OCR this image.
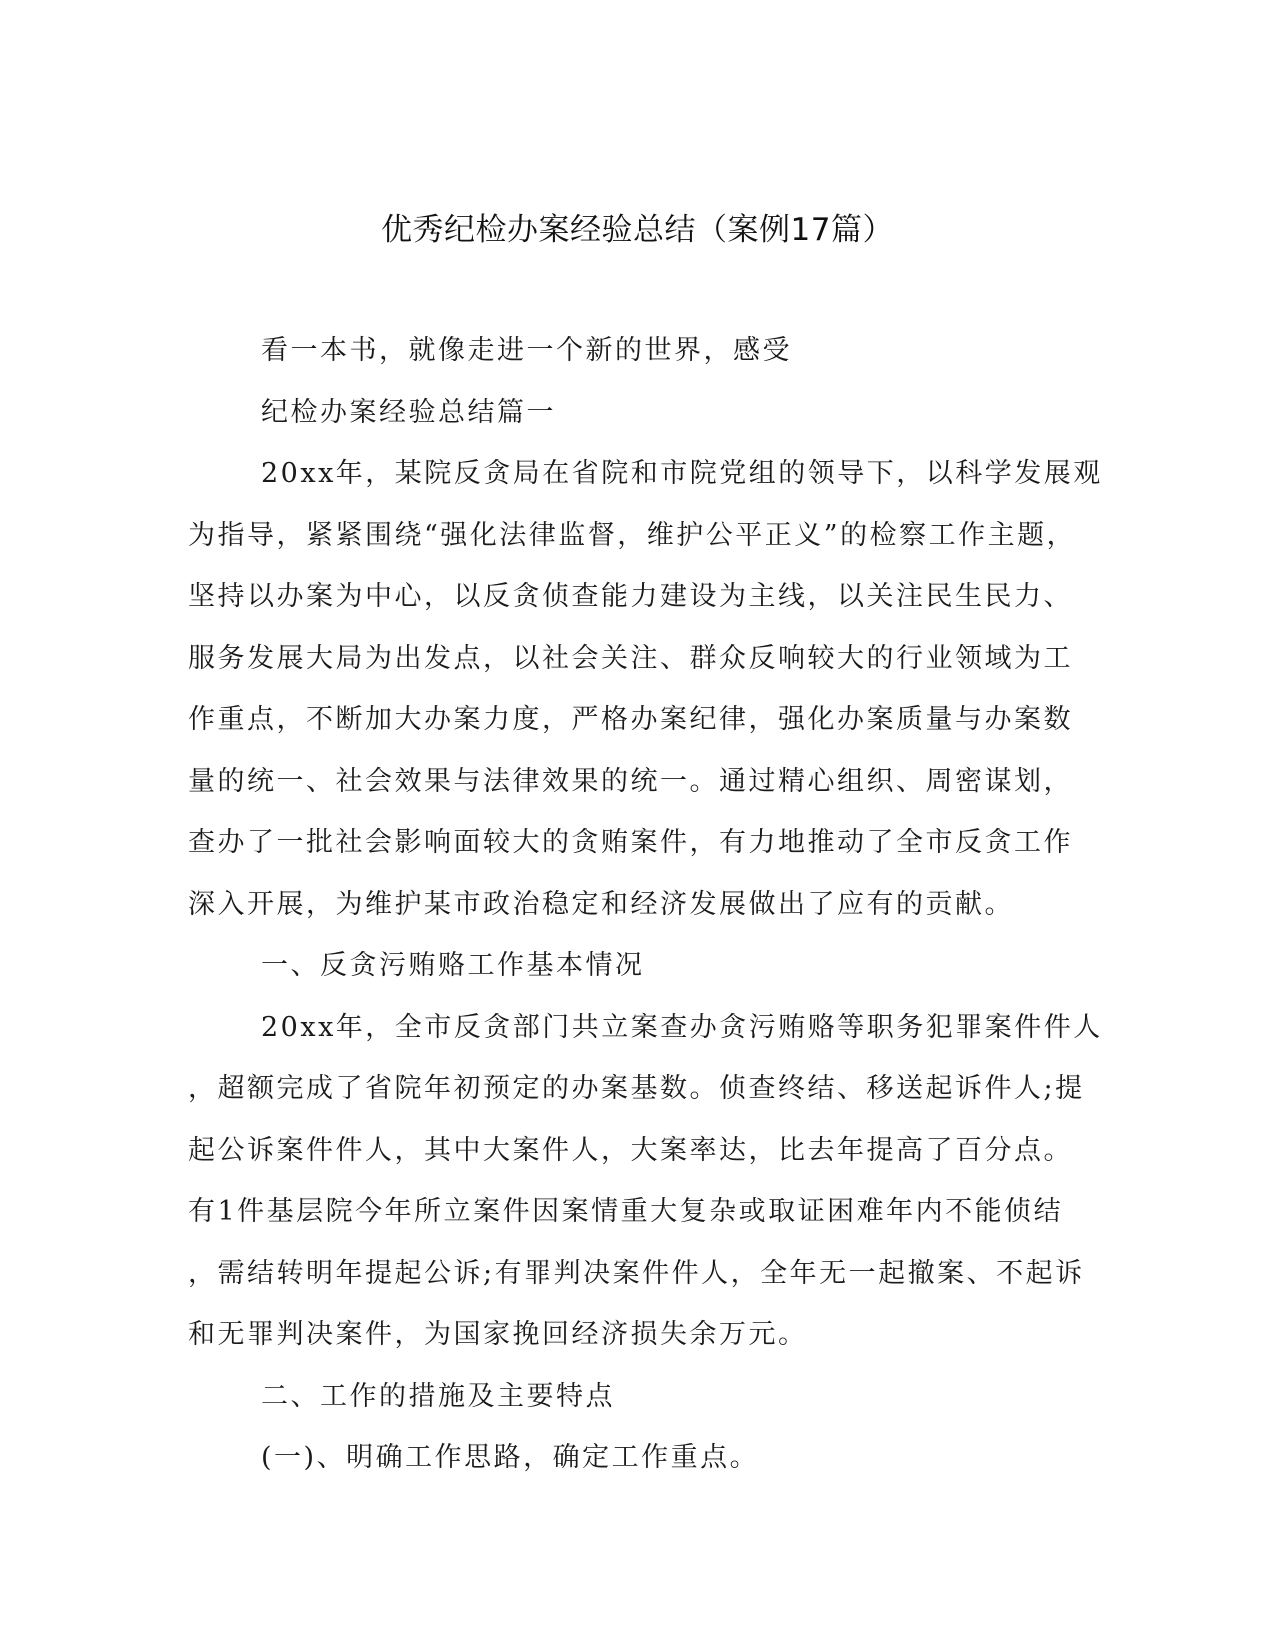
优秀纪检办案经验总结（案例17篇）
看一本书，就像走进一个新的世界，感受
纪检办案经验总结篇一
20xx年，某院反贪局在省院和市院党组的领导下，以科学发展观
为指导，紧紧围绕“强化法律监督，维护公平正义”的检察工作主题，
坚持以办案为中心，以反贪侦查能力建设为主线，以关注民生民力、
服务发展大局为出发点，以社会关注、群众反响较大的行业领域为工
作重点，不断加大办案力度，严格办案纪律，强化办案质量与办案数
量的统一、社会效果与法律效果的统一。通过精心组织、周密谋划，
查办了一批社会影响面较大的贪贿案件，有力地推动了全市反贪工作
深入开展，为维护某市政治稳定和经济发展做出了应有的贡献。
一、反贪污贿赂工作基本情况
20xx年，全市反贪部门共立案查办贪污贿赂等职务犯罪案件件人
，超额完成了省院年初预定的办案基数。侦查终结、移送起诉件人;提
起公诉案件件人，其中大案件人，大案率达，比去年提高了百分点。
有1件基层院今年所立案件因案情重大复杂或取证困难年内不能侦结
，需结转明年提起公诉;有罪判决案件件人，全年无一起撤案、不起诉
和无罪判决案件，为国家挽回经济损失余万元。
二、工作的措施及主要特点
(一)、明确工作思路，确定工作重点。
